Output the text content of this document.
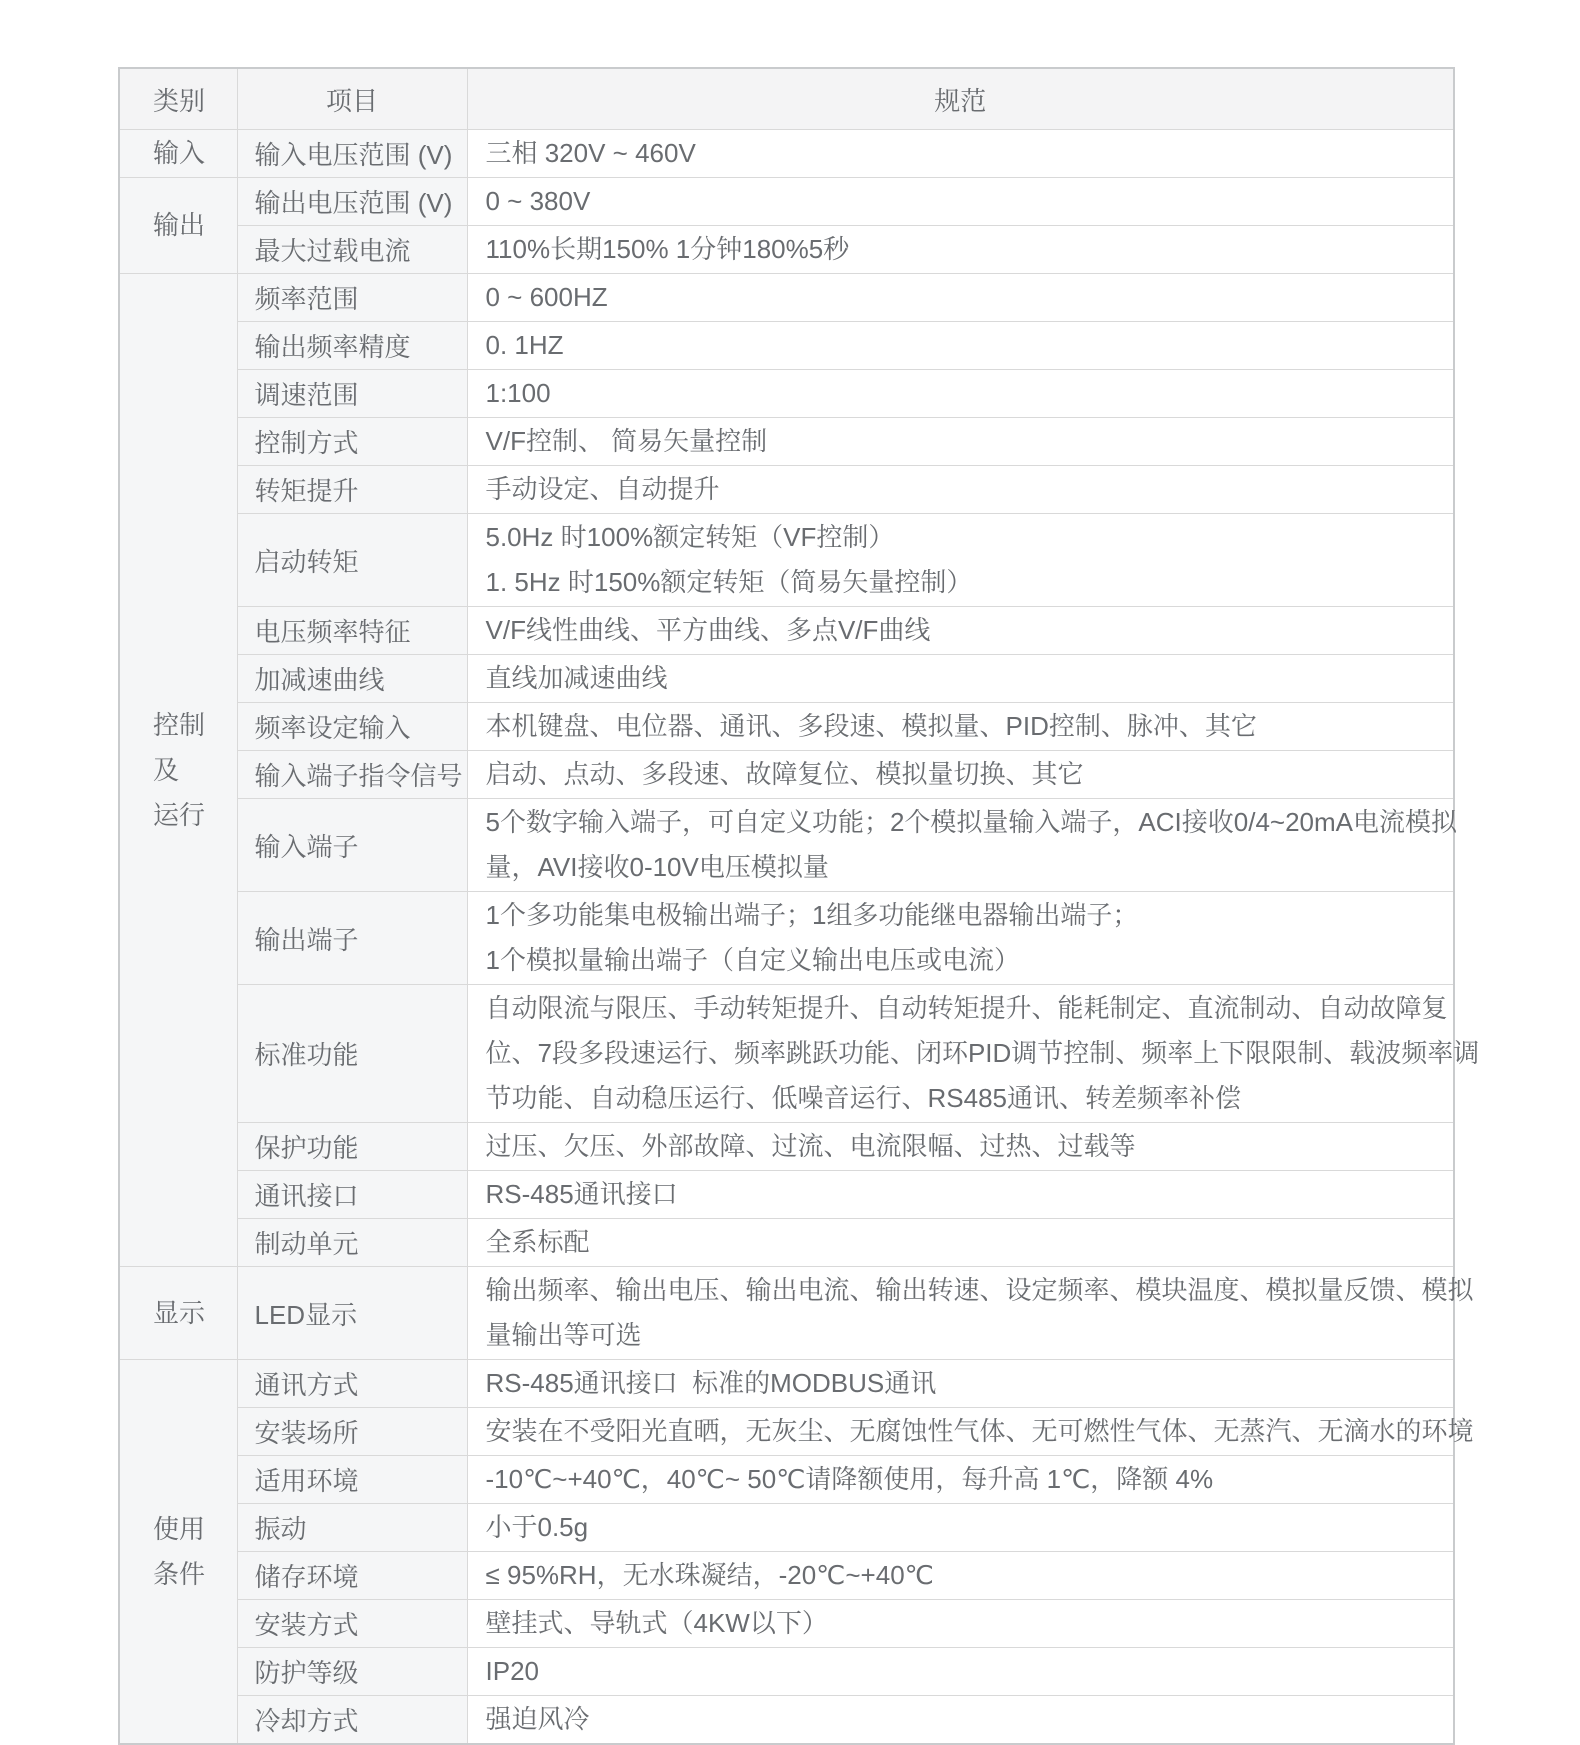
类别	项目	规范

输入	输入电压范围 (V)	三相 320V ~ 460V

输出	输出电压范围 (V)	0 ~ 380V

	最大过载电流	110%长期150% 1分钟180%5秒

控制
及
运行	频率范围	0 ~ 600HZ

	输出频率精度	0. 1HZ

	调速范围	1:100

	控制方式	V/F控制、 简易矢量控制

	转矩提升	手动设定、自动提升

	启动转矩	5.0Hz 时100%额定转矩（VF控制）
1. 5Hz 时150%额定转矩（简易矢量控制）

	电压频率特征	V/F线性曲线、平方曲线、多点V/F曲线

	加减速曲线	直线加减速曲线

	频率设定输入	本机键盘、电位器、通讯、多段速、模拟量、PID控制、脉冲、其它

	输入端子指令信号	启动、点动、多段速、故障复位、模拟量切换、其它

	输入端子	5个数字输入端子，可自定义功能；2个模拟量输入端子，ACI接收0/4~20mA电流模拟
量，AVI接收0-10V电压模拟量

	输出端子	1个多功能集电极输出端子；1组多功能继电器输出端子；
1个模拟量输出端子（自定义输出电压或电流）

	标准功能	自动限流与限压、手动转矩提升、自动转矩提升、能耗制定、直流制动、自动故障复
位、7段多段速运行、频率跳跃功能、闭环PID调节控制、频率上下限限制、载波频率调
节功能、自动稳压运行、低噪音运行、RS485通讯、转差频率补偿

	保护功能	过压、欠压、外部故障、过流、电流限幅、过热、过载等

	通讯接口	RS-485通讯接口

	制动单元	全系标配

显示	LED显示	输出频率、输出电压、输出电流、输出转速、设定频率、模块温度、模拟量反馈、模拟
量输出等可选

使用
条件	通讯方式	RS-485通讯接口  标准的MODBUS通讯

	安装场所	安装在不受阳光直晒，无灰尘、无腐蚀性气体、无可燃性气体、无蒸汽、无滴水的环境

	适用环境	-10℃~+40℃，40℃~ 50℃请降额使用，每升高 1℃，降额 4%

	振动	小于0.5g

	储存环境	≤ 95%RH，无水珠凝结，-20℃~+40℃

	安装方式	壁挂式、导轨式（4KW以下）

	防护等级	IP20

	冷却方式	强迫风冷
